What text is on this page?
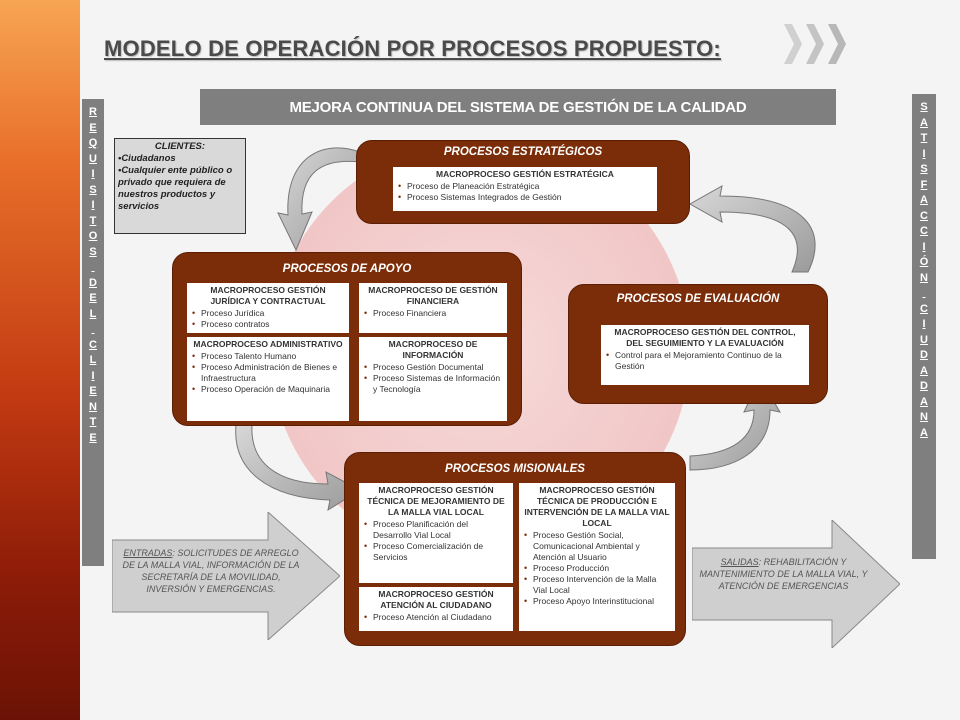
MODELO DE OPERACIÓN POR PROCESOS PROPUESTO:
MEJORA CONTINUA DEL SISTEMA DE GESTIÓN DE LA CALIDAD
R
E
Q
U
I
S
I
T
O
S

D
E
L

C
L
I
E
N
T
E
S
A
T
I
S
F
A
C
C
I
Ó
N

C
I
U
D
A
D
A
N
A
ENTRADAS: SOLICITUDES DE ARREGLO DE LA MALLA VIAL, INFORMACIÓN DE LA SECRETARÍA DE LA MOVILIDAD, INVERSIÓN Y EMERGENCIAS.
SALIDAS: REHABILITACIÓN Y MANTENIMIENTO DE LA MALLA VIAL, Y ATENCIÓN DE EMERGENCIAS
CLIENTES:
•Ciudadanos
•Cualquier ente público o privado que requiera de nuestros productos y servicios
PROCESOS ESTRATÉGICOS
MACROPROCESO GESTIÓN ESTRATÉGICA
• Proceso de Planeación Estratégica
• Proceso Sistemas Integrados de Gestión
PROCESOS DE APOYO
MACROPROCESO GESTIÓN JURÍDICA Y CONTRACTUAL
• Proceso Jurídica
• Proceso contratos
MACROPROCESO DE GESTIÓN FINANCIERA
• Proceso Financiera
MACROPROCESO ADMINISTRATIVO
• Proceso Talento Humano
• Proceso Administración de Bienes e Infraestructura
• Proceso Operación de Maquinaria
MACROPROCESO DE INFORMACIÓN
• Proceso Gestión Documental
• Proceso Sistemas de Información y Tecnología
PROCESOS DE EVALUACIÓN
MACROPROCESO GESTIÓN DEL CONTROL, DEL SEGUIMIENTO Y LA EVALUACIÓN
• Control para el Mejoramiento Continuo de la Gestión
PROCESOS MISIONALES
MACROPROCESO GESTIÓN TÉCNICA DE MEJORAMIENTO DE LA MALLA VIAL LOCAL
• Proceso Planificación del Desarrollo Vial Local
• Proceso Comercialización de Servicios
MACROPROCESO GESTIÓN TÉCNICA DE PRODUCCIÓN E INTERVENCIÓN DE LA MALLA VIAL LOCAL
• Proceso Gestión Social, Comunicacional Ambiental y Atención al Usuario
• Proceso Producción
• Proceso Intervención de la Malla Vial Local
• Proceso Apoyo Interinstitucional
MACROPROCESO GESTIÓN ATENCIÓN AL CIUDADANO
• Proceso Atención al Ciudadano
